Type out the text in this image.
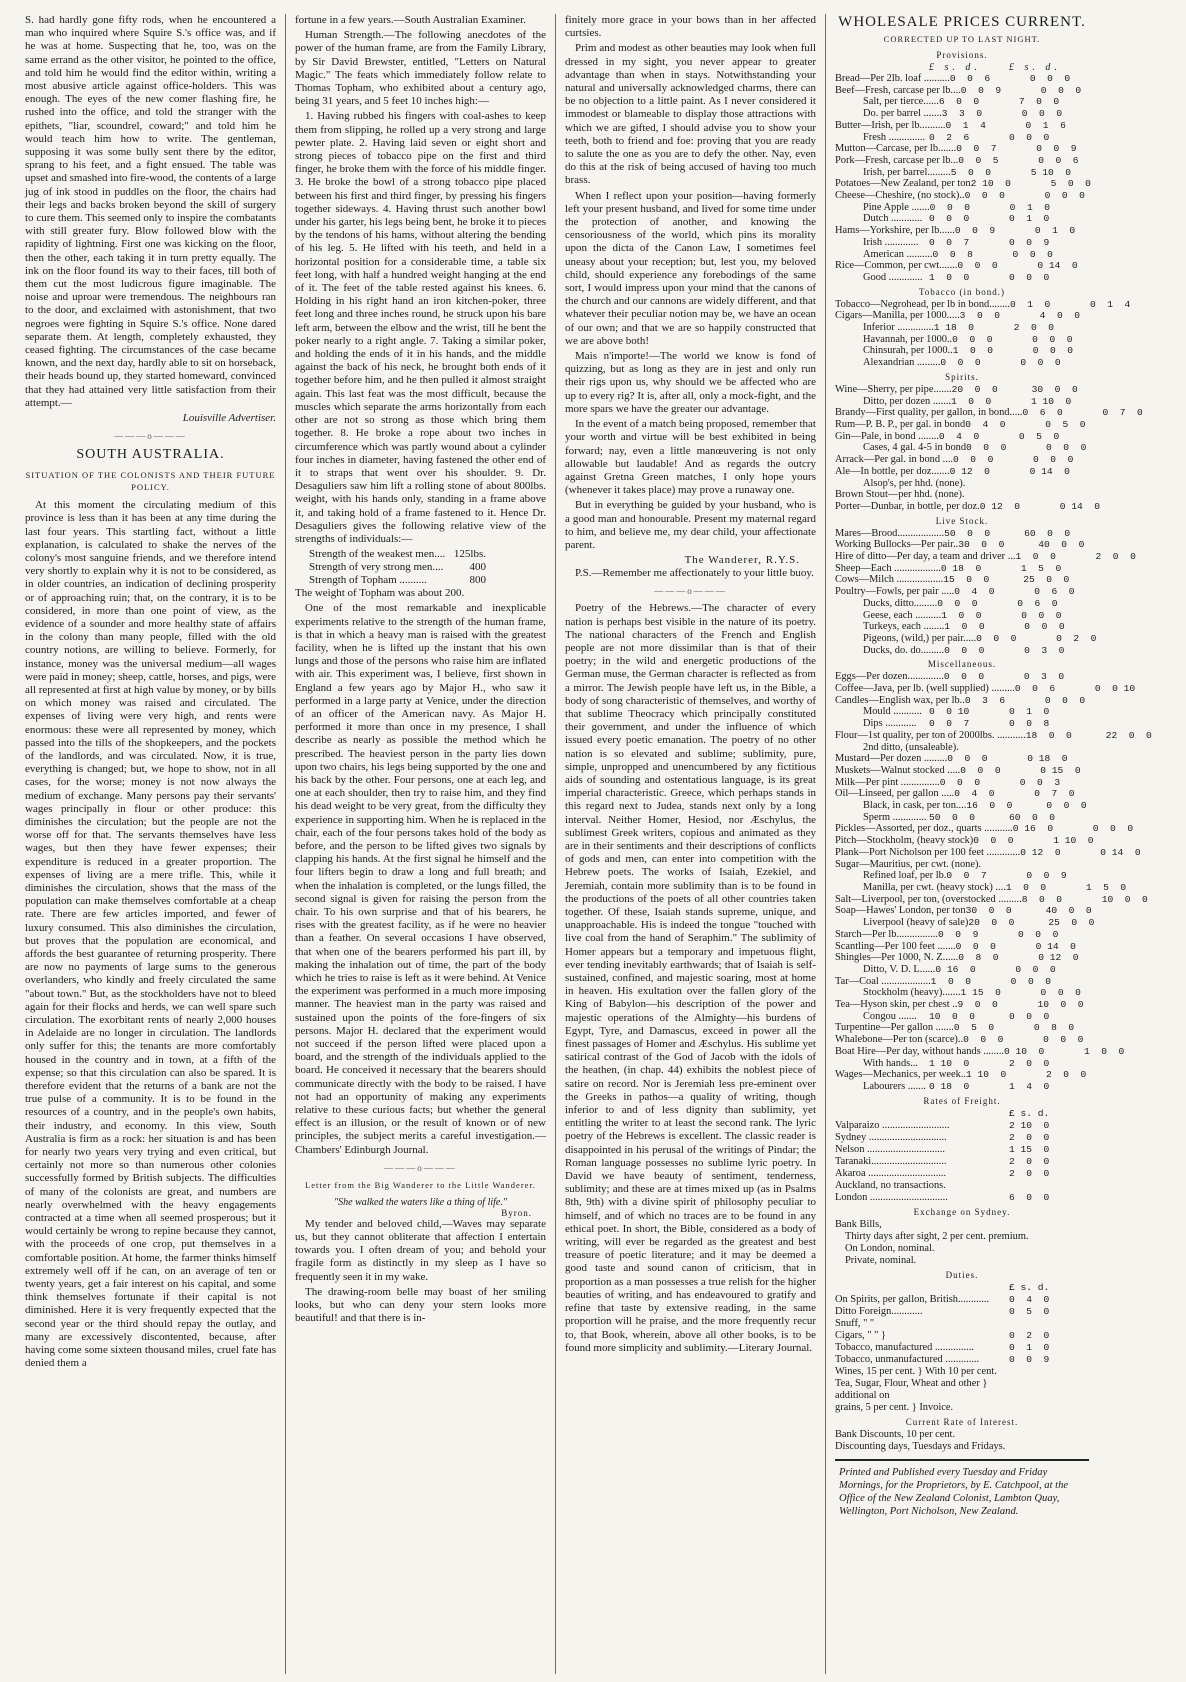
S. had hardly gone fifty rods, when he encountered a man who inquired where Squire S.'s office was, and if he was at home. Suspecting that he, too, was on the same errand as the other visitor, he pointed to the office, and told him he would find the editor within, writing a most abusive article against office-holders. This was enough. The eyes of the new comer flashing fire, he rushed into the office, and told the stranger with the epithets, "liar, scoundrel, coward;" and told him he would teach him how to write. The gentleman, supposing it was some bully sent there by the editor, sprang to his feet, and a fight ensued. The table was upset and smashed into fire-wood, the contents of a large jug of ink stood in puddles on the floor, the chairs had their legs and backs broken beyond the skill of surgery to cure them. This seemed only to inspire the combatants with still greater fury. Blow followed blow with the rapidity of lightning. First one was kicking on the floor, then the other, each taking it in turn pretty equally. The ink on the floor found its way to their faces, till both of them cut the most ludicrous figure imaginable. The noise and uproar were tremendous. The neighbours ran to the door, and exclaimed with astonishment, that two negroes were fighting in Squire S.'s office. None dared separate them. At length, completely exhausted, they ceased fighting. The circumstances of the case became known, and the next day, hardly able to sit on horseback, their heads bound up, they started homeward, convinced that they had attained very little satisfaction from their attempt.—

Louisville Advertiser.
———o———
SOUTH AUSTRALIA.
SITUATION OF THE COLONISTS AND THEIR FUTURE POLICY.

At this moment the circulating medium of this province is less than it has been at any time during the last four years. This startling fact, without a little explanation, is calculated to shake the nerves of the colony's most sanguine friends, and we therefore intend very shortly to explain why it is not to be considered, as in older countries, an indication of declining prosperity or of approaching ruin; that, on the contrary, it is to be considered, in more than one point of view, as the evidence of a sounder and more healthy state of affairs in the colony than many people, filled with the old country notions, are willing to believe. Formerly, for instance, money was the universal medium—all wages were paid in money; sheep, cattle, horses, and pigs, were all represented at first at high value by money, or by bills on which money was raised and circulated. The expenses of living were very high, and rents were enormous: these were all represented by money, which passed into the tills of the shopkeepers, and the pockets of the landlords, and was circulated. Now, it is true, everything is changed; but, we hope to show, not in all cases, for the worse; money is not now always the medium of exchange. Many persons pay their servants' wages principally in flour or other produce: this diminishes the circulation; but the people are not the worse off for that. The servants themselves have less wages, but then they have fewer expenses; their expenditure is reduced in a greater proportion. The expenses of living are a mere trifle. This, while it diminishes the circulation, shows that the mass of the population can make themselves comfortable at a cheap rate. There are few articles imported, and fewer of luxury consumed. This also diminishes the circulation, but proves that the population are economical, and affords the best guarantee of returning prosperity. There are now no payments of large sums to the generous overlanders, who kindly and freely circulated the same "about town." But, as the stockholders have not to bleed again for their flocks and herds, we can well spare such circulation. The exorbitant rents of nearly 2,000 houses in Adelaide are no longer in circulation. The landlords only suffer for this; the tenants are more comfortably housed in the country and in town, at a fifth of the expense; so that this circulation can also be spared. It is therefore evident that the returns of a bank are not the true pulse of a community. It is to be found in the resources of a country, and in the people's own habits, their industry, and economy. In this view, South Australia is firm as a rock: her situation is and has been for nearly two years very trying and even critical, but certainly not more so than numerous other colonies successfully formed by British subjects. The difficulties of many of the colonists are great, and numbers are nearly overwhelmed with the heavy engagements contracted at a time when all seemed prosperous; but it would certainly be wrong to repine because they cannot, with the proceeds of one crop, put themselves in a comfortable position. At home, the farmer thinks himself extremely well off if he can, on an average of ten or twenty years, get a fair interest on his capital, and some think themselves fortunate if their capital is not diminished. Here it is very frequently expected that the second year or the third should repay the outlay, and many are excessively discontented, because, after having come some sixteen thousand miles, cruel fate has denied them a

fortune in a few years.—South Australian Examiner.

Human Strength.—The following anecdotes of the power of the human frame, are from the Family Library, by Sir David Brewster, entitled, "Letters on Natural Magic." The feats which immediately follow relate to Thomas Topham, who exhibited about a century ago, being 31 years, and 5 feet 10 inches high:—

1. Having rubbed his fingers with coal-ashes to keep them from slipping, he rolled up a very strong and large pewter plate. 2. Having laid seven or eight short and strong pieces of tobacco pipe on the first and third finger, he broke them with the force of his middle finger. 3. He broke the bowl of a strong tobacco pipe placed between his first and third finger, by pressing his fingers together sideways. 4. Having thrust such another bowl under his garter, his legs being bent, he broke it to pieces by the tendons of his hams, without altering the bending of his leg. 5. He lifted with his teeth, and held in a horizontal position for a considerable time, a table six feet long, with half a hundred weight hanging at the end of it. The feet of the table rested against his knees. 6. Holding in his right hand an iron kitchen-poker, three feet long and three inches round, he struck upon his bare left arm, between the elbow and the wrist, till he bent the poker nearly to a right angle. 7. Taking a similar poker, and holding the ends of it in his hands, and the middle against the back of his neck, he brought both ends of it together before him, and he then pulled it almost straight again. This last feat was the most difficult, because the muscles which separate the arms horizontally from each other are not so strong as those which bring them together. 8. He broke a rope about two inches in circumference which was partly wound about a cylinder four inches in diameter, having fastened the other end of it to straps that went over his shoulder. 9. Dr. Desaguliers saw him lift a rolling stone of about 800lbs. weight, with his hands only, standing in a frame above it, and taking hold of a frame fastened to it. Hence Dr. Desaguliers gives the following relative view of the strengths of individuals:—

Strength of the weakest men.... 125lbs.
Strength of very strong men.... 400
Strength of Topham ..........	800

The weight of Topham was about 200.

One of the most remarkable and inexplicable experiments relative to the strength of the human frame, is that in which a heavy man is raised with the greatest facility, when he is lifted up the instant that his own lungs and those of the persons who raise him are inflated with air. This experiment was, I believe, first shown in England a few years ago by Major H., who saw it performed in a large party at Venice, under the direction of an officer of the American navy. As Major H. performed it more than once in my presence, I shall describe as nearly as possible the method which he prescribed. The heaviest person in the party lies down upon two chairs, his legs being supported by the one and his back by the other. Four persons, one at each leg, and one at each shoulder, then try to raise him, and they find his dead weight to be very great, from the difficulty they experience in supporting him. When he is replaced in the chair, each of the four persons takes hold of the body as before, and the person to be lifted gives two signals by clapping his hands. At the first signal he himself and the four lifters begin to draw a long and full breath; and when the inhalation is completed, or the lungs filled, the second signal is given for raising the person from the chair. To his own surprise and that of his bearers, he rises with the greatest facility, as if he were no heavier than a feather. On several occasions I have observed, that when one of the bearers performed his part ill, by making the inhalation out of time, the part of the body which he tries to raise is left as it were behind. At Venice the experiment was performed in a much more imposing manner. The heaviest man in the party was raised and sustained upon the points of the fore-fingers of six persons. Major H. declared that the experiment would not succeed if the person lifted were placed upon a board, and the strength of the individuals applied to the board. He conceived it necessary that the bearers should communicate directly with the body to be raised. I have not had an opportunity of making any experiments relative to these curious facts; but whether the general effect is an illusion, or the result of known or of new principles, the subject merits a careful investigation.—Chambers' Edinburgh Journal.

———o———
Letter from the Big Wanderer to the Little Wanderer.
"She walked the waters like a thing of life."
Byron.

My tender and beloved child,—Waves may separate us, but they cannot obliterate that affection I entertain towards you. I often dream of you; and behold your fragile form as distinctly in my sleep as I have so frequently seen it in my wake.

The drawing-room belle may boast of her smiling looks, but who can deny your stern looks more beautiful! and that there is in-

finitely more grace in your bows than in her affected curtsies.

Prim and modest as other beauties may look when full dressed in my sight, you never appear to greater advantage than when in stays. Notwithstanding your natural and universally acknowledged charms, there can be no objection to a little paint. As I never considered it immodest or blameable to display those attractions with which we are gifted, I should advise you to show your teeth, both to friend and foe: proving that you are ready to salute the one as you are to defy the other. Nay, even do this at the risk of being accused of having too much brass.

When I reflect upon your position—having formerly left your present husband, and lived for some time under the protection of another, and knowing the censoriousness of the world, which pins its morality upon the dicta of the Canon Law, I sometimes feel uneasy about your reception; but, lest you, my beloved child, should experience any forebodings of the same sort, I would impress upon your mind that the canons of the church and our cannons are widely different, and that whatever their peculiar notion may be, we have an ocean of our own; and that we are so happily constructed that we are above both!

Mais n'importe!—The world we know is fond of quizzing, but as long as they are in jest and only run their rigs upon us, why should we be affected who are up to every rig? It is, after all, only a mock-fight, and the more spars we have the greater our advantage.

In the event of a match being proposed, remember that your worth and virtue will be best exhibited in being forward; nay, even a little manœuvering is not only allowable but laudable! And as regards the outcry against Gretna Green matches, I only hope yours (whenever it takes place) may prove a runaway one.

But in everything be guided by your husband, who is a good man and honourable. Present my maternal regard to him, and believe me, my dear child, your affectionate parent.

The Wanderer, R.Y.S.

P.S.—Remember me affectionately to your little buoy.

———o———

Poetry of the Hebrews.—The character of every nation is perhaps best visible in the nature of its poetry. The national characters of the French and English people are not more dissimilar than is that of their poetry; in the wild and energetic productions of the German muse, the German character is reflected as from a mirror. The Jewish people have left us, in the Bible, a body of song characteristic of themselves, and worthy of that sublime Theocracy which principally constituted their government, and under the influence of which issued every poetic emanation. The poetry of no other nation is so elevated and sublime; sublimity, pure, simple, unpropped and unencumbered by any fictitious aids of sounding and ostentatious language, is its great imperial characteristic. Greece, which perhaps stands in this regard next to Judea, stands next only by a long interval. Neither Homer, Hesiod, nor Æschylus, the sublimest Greek writers, copious and animated as they are in their sentiments and their descriptions of conflicts of gods and men, can enter into competition with the Hebrew poets. The works of Isaiah, Ezekiel, and Jeremiah, contain more sublimity than is to be found in the productions of the poets of all other countries taken together. Of these, Isaiah stands supreme, unique, and unapproachable. His is indeed the tongue "touched with live coal from the hand of Seraphim." The sublimity of Homer appears but a temporary and impetuous flight, ever tending inevitably earthwards; that of Isaiah is self-sustained, confined, and majestic soaring, most at home in heaven. His exultation over the fallen glory of the King of Babylon—his description of the power and majestic operations of the Almighty—his burdens of Egypt, Tyre, and Damascus, exceed in power all the finest passages of Homer and Æschylus. His sublime yet satirical contrast of the God of Jacob with the idols of the heathen, (in chap. 44) exhibits the noblest piece of satire on record. Nor is Jeremiah less pre-eminent over the Greeks in pathos—a quality of writing, though inferior to and of less dignity than sublimity, yet entitling the writer to at least the second rank. The lyric poetry of the Hebrews is excellent. The classic reader is disappointed in his perusal of the writings of Pindar; the Roman language possesses no sublime lyric poetry. In David we have beauty of sentiment, tenderness, sublimity; and these are at times mixed up (as in Psalms 8th, 9th) with a divine spirit of philosophy peculiar to himself, and of which no traces are to be found in any ethical poet. In short, the Bible, considered as a body of writing, will ever be regarded as the greatest and best treasure of poetic literature; and it may be deemed a good taste and sound canon of criticism, that in proportion as a man possesses a true relish for the higher beauties of writing, and has endeavoured to gratify and refine that taste by extensive reading, in the same proportion will he praise, and the more frequently recur to, that Book, wherein, above all other books, is to be found more simplicity and sublimity.—Literary Journal.

WHOLESALE PRICES CURRENT.
CORRECTED UP TO LAST NIGHT.
Provisions.
£ s. d.	£ s. d.
Bread—Per 2lb. loaf .......... 0  0  6	0  0  0
Beef—Fresh, carcase per lb.... 0  0  9	0  0  0
Salt, per tierce...... 6  0  0	7  0  0
Do. per barrel ....... 3  3  0	0  0  0
Butter—Irish, per lb.......... 0  1  4	0  1  6
Fresh .............. 0  2  6	0  0  0
Mutton—Carcase, per lb....... 0  0  7	0  0  9
Pork—Fresh, carcase per lb... 0  0  5	0  0  6
Irish, per barrel......... 5  0  0	5 10  0
Potatoes—New Zealand, per ton 2 10  0	5  0  0
Cheese—Cheshire, (no stock).. 0  0  0	0  0  0
Pine Apple ....... 0  0  0	0  1  0
Dutch ............ 0  0  0	0  1  0
Hams—Yorkshire, per lb...... 0  0  9	0  1  0
Irish .............	0  0  7	0  0  9
American .......... 0  0  8	0  0  0
Rice—Common, per cwt....... 0  0  0	0 14  0
Good ............. 1  0  0	0  0  0
Tobacco (in bond.)
Tobacco—Negrohead, per lb in bond........ 0  1  0	0  1  4
Cigars—Manilla, per 1000..... 3  0  0	4  0  0
Inferior .............. 1 18  0	2  0  0
Havannah, per 1000.. 0  0  0	0  0  0
Chinsurah, per 1000.. 1  0  0	0  0  0
Alexandrian ......... 0  0  0	0  0  0
Spirits.
Wine—Sherry, per pipe....... 20  0  0	30  0  0
Ditto, per dozen ....... 1  0  0	1 10  0
Brandy—First quality, per gallon, in bond..... 0  6  0	0  7  0
Rum—P. B. P., per gal. in bond 0  4  0	0  5  0
Gin—Pale, in bond ........ 0  4  0	0  5  0
Cases, 4 gal. 4-5 in bond 0  0  0	0  0  0
Arrack—Per gal. in bond .... 0  0  0	0  0  0
Ale—In bottle, per doz....... 0 12  0	0 14  0
Alsop's, per hhd. (none).
Brown Stout—per hhd. (none).
Porter—Dunbar, in bottle, per doz. 0 12  0	0 14  0
Live Stock.
Mares—Brood.................. 50  0  0	60  0  0
Working Bullocks—Per pair.. 30  0  0	40  0  0
Hire of ditto—Per day, a team and driver ... 1  0  0	2  0  0
Sheep—Each .................. 0 18  0	1  5  0
Cows—Milch .................. 15  0  0	25  0  0
Poultry—Fowls, per pair ..... 0  4  0	0  6  0
Ducks, ditto......... 0  0  0	0  6  0
Geese, each .......... 1  0  0	0  0  0
Turkeys, each ........ 1  0  0	0  0  0
Pigeons, (wild,) per pair..... 0  0  0	0  2  0
Ducks, do. do......... 0  0  0	0  3  0
Miscellaneous.
Eggs—Per dozen.............. 0  0  0	0  3  0
Coffee—Java, per lb. (well supplied) ......... 0  0  6	0  0 10
Candles—English wax, per lb.. 0  3  6	0  0  0
Mould ........... 0  0 10	0  1  0
Dips ............	0  0  7	0  0  8
Flour—1st quality, per ton of 2000lbs. ........... 18  0  0	22  0  0
2nd ditto, (unsaleable).
Mustard—Per dozen ......... 0  0  0	0 18  0
Muskets—Walnut stocked ..... 0  0  0	0 15  0
Milk—Per pint ............... 0  0  0	0  0  3
Oil—Linseed, per gallon ..... 0  4  0	0  7  0
Black, in cask, per ton.... 16  0  0	0  0  0
Sperm ............. 50  0  0	60  0  0
Pickles—Assorted, per doz., quarts ........... 0 16  0	0  0  0
Pitch—Stockholm, (heavy stock) 0  0  0	1 10  0
Plank—Port Nicholson per 100 feet ............. 0 12  0	0 14  0
Sugar—Mauritius, per cwt. (none).
Refined loaf, per lb. 0  0  7	0  0  9
Manilla, per cwt. (heavy stock) .... 1  0  0	1  5  0
Salt—Liverpool, per ton, (overstocked ......... 8  0  0	10  0  0
Soap—Hawes' London, per ton 30  0  0	40  0  0
Liverpool (heavy of sale) 20  0  0	25  0  0
Starch—Per lb................ 0  0  9	0  0  0
Scantling—Per 100 feet ....... 0  0  0	0 14  0
Shingles—Per 1000, N. Z...... 0  8  0	0 12  0
Ditto, V. D. L...... 0 16  0	0  0  0
Tar—Coal ................... 1  0  0	0  0  0
Stockholm (heavy)....... 1 15  0	0  0  0
Tea—Hyson skin, per chest .. 9  0  0	10  0  0
Congou .......	10  0  0	0  0  0
Turpentine—Per gallon ....... 0  5  0	0  8  0
Whalebone—Per ton (scarce).. 0  0  0	0  0  0
Boat Hire—Per day, without hands ........ 0 10  0	1  0  0
With hands...	1 10  0	2  0  0
Wages—Mechanics, per week.. 1 10  0	2  0  0
Labourers ....... 0 18  0	1  4  0
Rates of Freight.
£ s. d.
Valparaizo ..........................	2 10  0
Sydney ..............................	2  0  0
Nelson ..............................	1 15  0
Taranaki.............................	2  0  0
Akaroa ..............................	2  0  0
Auckland, no transactions.
London ..............................	6  0  0
Exchange on Sydney.
Bank Bills,
Thirty days after sight, 2 per cent. premium.
On London, nominal.
Private, nominal.
Duties.
£ s. d.
On Spirits, per gallon, British............	0  4  0
Ditto Foreign............	0  5  0
Snuff, " "
Cigars, " " }	0  2  0
Tobacco, manufactured ...............	0  1  0
Tobacco, unmanufactured .............	0  0  9
Wines, 15 per cent. } With 10 per cent.
Tea, Sugar, Flour, Wheat and other } additional on
grains, 5 per cent. } Invoice.
Current Rate of Interest.
Bank Discounts, 10 per cent.
Discounting days, Tuesdays and Fridays.
Printed and Published every Tuesday and Friday Mornings, for the Proprietors, by E. Catchpool, at the Office of the New Zealand Colonist, Lambton Quay, Wellington, Port Nicholson, New Zealand.
